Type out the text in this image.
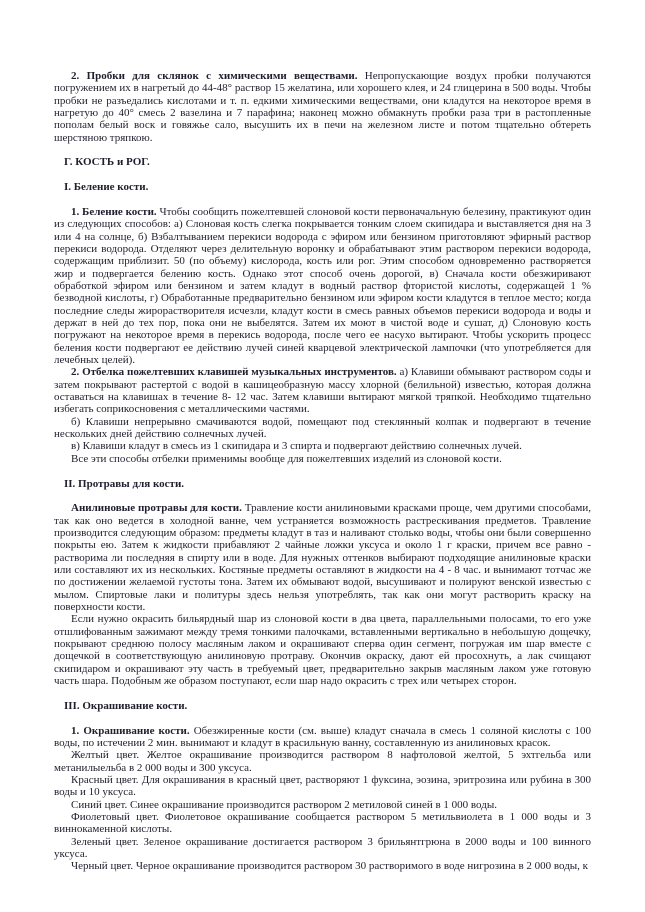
2. Пробки для склянок с химическими веществами. Непропускающие воздух пробки получаются погружением их в нагретый до 44-48° раствор 15 желатина, или хорошего клея, и 24 глицерина в 500 воды. Чтобы пробки не разъедались кислотами и т. п. едкими химическими веществами, они кладутся на некоторое время в нагретую до 40° смесь 2 вазелина и 7 парафина; наконец можно обмакнуть пробки раза три в растопленные пополам белый воск и говяжье сало, высушить их в печи на железном листе и потом тщательно обтереть шерстяною тряпкою.

Г. КОСТЬ и РОГ.
I. Беление кости.

1. Беление кости. Чтобы сообщить пожелтевшей слоновой кости первоначальную белезину, практикуют один из следующих способов: а) Слоновая кость слегка покрывается тонким слоем скипидара и выставляется дня на 3 или 4 на солнце, б) Взбалтыванием перекиси водорода с эфиром или бензином приготовляют эфирный раствор перекиси водорода. Отделяют через делительную воронку и обрабатывают этим раствором перекиси водорода, содержащим приблизит. 50 (по объему) кислорода, кость или рог. Этим способом одновременно растворяется жир и подвергается белению кость. Однако этот способ очень дорогой, в) Сначала кости обезжиривают обработкой эфиром или бензином и затем кладут в водный раствор фтористой кислоты, содержащей 1 % безводной кислоты, г) Обработанные предварительно бензином или эфиром кости кладутся в теплое место; когда последние следы жирорастворителя исчезли, кладут кости в смесь равных объемов перекиси водорода и воды и держат в ней до тех пор, пока они не выбелятся. Затем их моют в чистой воде и сушат, д) Слоновую кость погружают на некоторое время в перекись водорода, после чего ее насухо вытирают. Чтобы ускорить процесс беления кости подвергают ее действию лучей синей кварцевой электрической лампочки (что употребляется для лечебных целей).

2. Отбелка пожелтевших клавишей музыкальных инструментов. а) Клавиши обмывают раствором соды и затем покрывают растертой с водой в кашицеобразную массу хлорной (белильной) известью, которая должна оставаться на клавишах в течение 8- 12 час. Затем клавиши вытирают мягкой тряпкой. Необходимо тщательно избегать соприкосновения с металлическими частями.

б) Клавиши непрерывно смачиваются водой, помещают под стеклянный колпак и подвергают в течение нескольких дней действию солнечных лучей.

в) Клавиши кладут в смесь из 1 скипидара и 3 спирта и подвергают действию солнечных лучей.

Все эти способы отбелки применимы вообще для пожелтевших изделий из слоновой кости.

II. Протравы для кости.

Анилиновые протравы для кости. Травление кости анилиновыми красками проще, чем другими способами, так как оно ведется в холодной ванне, чем устраняется возможность растрескивания предметов. Травление производится следующим образом: предметы кладут в таз и наливают столько воды, чтобы они были совершенно покрыты ею. Затем к жидкости прибавляют 2 чайные ложки уксуса и около 1 г краски, причем все равно - растворима ли последняя в спирту или в воде. Для нужных оттенков выбирают подходящие анилиновые краски или составляют их из нескольких. Костяные предметы оставляют в жидкости на 4 - 8 час. и вынимают тотчас же по достижении желаемой густоты тона. Затем их обмывают водой, высушивают и полируют венской известью с мылом. Спиртовые лаки и политуры здесь нельзя употреблять, так как они могут растворить краску на поверхности кости.

Если нужно окрасить бильярдный шар из слоновой кости в два цвета, параллельными полосами, то его уже отшлифованным зажимают между тремя тонкими палочками, вставленными вертикально в небольшую дощечку, покрывают среднюю полосу масляным лаком и окрашивают сперва один сегмент, погружая им шар вместе с дощечкой в соответствующую анилиновую протраву. Окончив окраску, дают ей просохнуть, а лак счищают скипидаром и окрашивают эту часть в требуемый цвет, предварительно закрыв масляным лаком уже готовую часть шара. Подобным же образом поступают, если шар надо окрасить с трех или четырех сторон.

III. Окрашивание кости.

1. Окрашивание кости. Обезжиренные кости (см. выше) кладут сначала в смесь 1 соляной кислоты с 100 воды, по истечении 2 мин. вынимают и кладут в красильную ванну, составленную из анилиновых красок.

Желтый цвет. Желтое окрашивание производится раствором 8 нафтоловой желтой, 5 эхтгельба или метанилыельба в 2 000 воды и 300 уксуса.

Красный цвет. Для окрашивания в красный цвет, растворяют 1 фуксина, эозина, эритрозина или рубина в 300 воды и 10 уксуса.

Синий цвет. Синее окрашивание производится раствором 2 метиловой синей в 1 000 воды.

Фиолетовый цвет. Фиолетовое окрашивание сообщается раствором 5 метильвиолета в 1 000 воды и 3 виннокаменной кислоты.

Зеленый цвет. Зеленое окрашивание достигается раствором 3 брильянтгрюна в 2000 воды и 100 винного уксуса.

Черный цвет. Черное окрашивание производится раствором 30 растворимого в воде нигрозина в 2 000 воды, к
